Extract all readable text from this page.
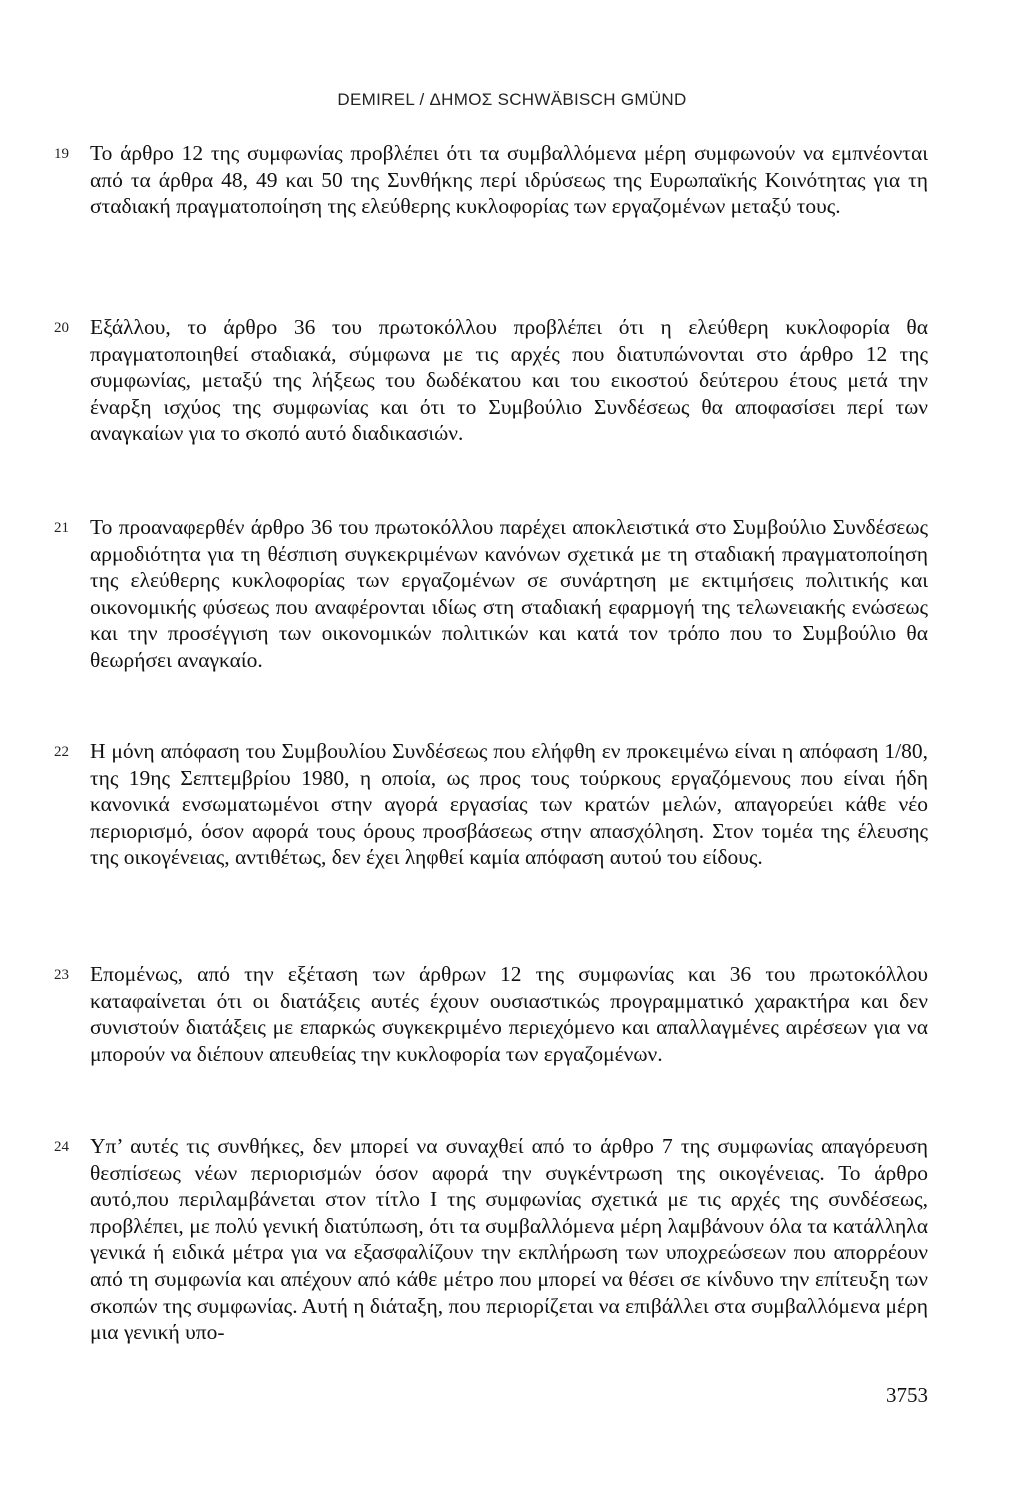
DEMIREL / ΔΗΜΟΣ SCHWÄBISCH GMÜND
19 Το άρθρο 12 της συμφωνίας προβλέπει ότι τα συμβαλλόμενα μέρη συμφωνούν να εμπνέονται από τα άρθρα 48, 49 και 50 της Συνθήκης περί ιδρύσεως της Ευρωπαϊκής Κοινότητας για τη σταδιακή πραγματοποίηση της ελεύθερης κυκλοφορίας των εργαζομένων μεταξύ τους.
20 Εξάλλου, το άρθρο 36 του πρωτοκόλλου προβλέπει ότι η ελεύθερη κυκλοφορία θα πραγματοποιηθεί σταδιακά, σύμφωνα με τις αρχές που διατυπώνονται στο άρθρο 12 της συμφωνίας, μεταξύ της λήξεως του δωδέκατου και του εικοστού δεύτερου έτους μετά την έναρξη ισχύος της συμφωνίας και ότι το Συμβούλιο Συνδέσεως θα αποφασίσει περί των αναγκαίων για το σκοπό αυτό διαδικασιών.
21 Το προαναφερθέν άρθρο 36 του πρωτοκόλλου παρέχει αποκλειστικά στο Συμβούλιο Συνδέσεως αρμοδιότητα για τη θέσπιση συγκεκριμένων κανόνων σχετικά με τη σταδιακή πραγματοποίηση της ελεύθερης κυκλοφορίας των εργαζομένων σε συνάρτηση με εκτιμήσεις πολιτικής και οικονομικής φύσεως που αναφέρονται ιδίως στη σταδιακή εφαρμογή της τελωνειακής ενώσεως και την προσέγγιση των οικονομικών πολιτικών και κατά τον τρόπο που το Συμβούλιο θα θεωρήσει αναγκαίο.
22 Η μόνη απόφαση του Συμβουλίου Συνδέσεως που ελήφθη εν προκειμένω είναι η απόφαση 1/80, της 19ης Σεπτεμβρίου 1980, η οποία, ως προς τους τούρκους εργαζόμενους που είναι ήδη κανονικά ενσωματωμένοι στην αγορά εργασίας των κρατών μελών, απαγορεύει κάθε νέο περιορισμό, όσον αφορά τους όρους προσβάσεως στην απασχόληση. Στον τομέα της έλευσης της οικογένειας, αντιθέτως, δεν έχει ληφθεί καμία απόφαση αυτού του είδους.
23 Επομένως, από την εξέταση των άρθρων 12 της συμφωνίας και 36 του πρωτοκόλλου καταφαίνεται ότι οι διατάξεις αυτές έχουν ουσιαστικώς προγραμματικό χαρακτήρα και δεν συνιστούν διατάξεις με επαρκώς συγκεκριμένο περιεχόμενο και απαλλαγμένες αιρέσεων για να μπορούν να διέπουν απευθείας την κυκλοφορία των εργαζομένων.
24 Υπ’ αυτές τις συνθήκες, δεν μπορεί να συναχθεί από το άρθρο 7 της συμφωνίας απαγόρευση θεσπίσεως νέων περιορισμών όσον αφορά την συγκέντρωση της οικογένειας. Το άρθρο αυτό,που περιλαμβάνεται στον τίτλο Ι της συμφωνίας σχετικά με τις αρχές της συνδέσεως, προβλέπει, με πολύ γενική διατύπωση, ότι τα συμβαλλόμενα μέρη λαμβάνουν όλα τα κατάλληλα γενικά ή ειδικά μέτρα για να εξασφαλίζουν την εκπλήρωση των υποχρεώσεων που απορρέουν από τη συμφωνία και απέχουν από κάθε μέτρο που μπορεί να θέσει σε κίνδυνο την επίτευξη των σκοπών της συμφωνίας. Αυτή η διάταξη, που περιορίζεται να επιβάλλει στα συμβαλλόμενα μέρη μια γενική υπο-
3753
